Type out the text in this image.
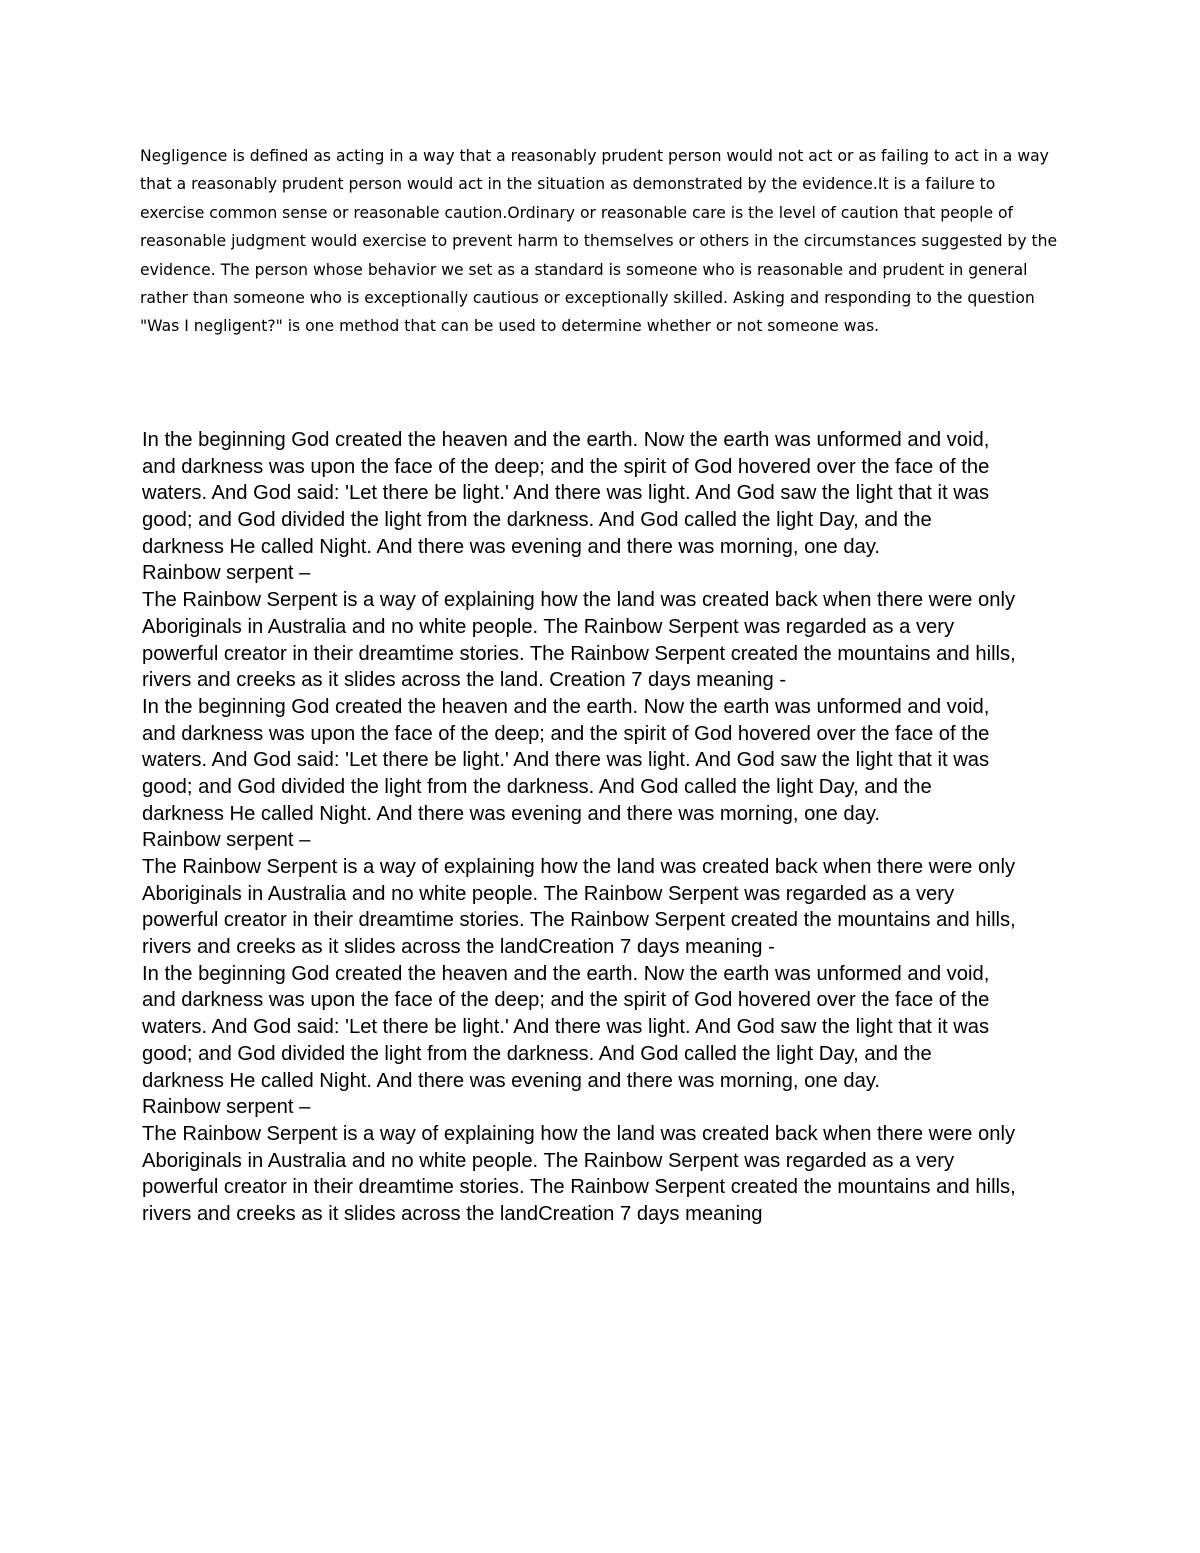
Negligence is defined as acting in a way that a reasonably prudent person would not act or as failing to act in a way that a reasonably prudent person would act in the situation as demonstrated by the evidence.It is a failure to exercise common sense or reasonable caution.Ordinary or reasonable care is the level of caution that people of reasonable judgment would exercise to prevent harm to themselves or others in the circumstances suggested by the evidence. The person whose behavior we set as a standard is someone who is reasonable and prudent in general rather than someone who is exceptionally cautious or exceptionally skilled. Asking and responding to the question "Was I negligent?" is one method that can be used to determine whether or not someone was.

In the beginning God created the heaven and the earth. Now the earth was unformed and void,
and darkness was upon the face of the deep; and the spirit of God hovered over the face of the
waters. And God said: 'Let there be light.' And there was light. And God saw the light that it was
good; and God divided the light from the darkness. And God called the light Day, and the
darkness He called Night. And there was evening and there was morning, one day.
Rainbow serpent –
The Rainbow Serpent is a way of explaining how the land was created back when there were only
Aboriginals in Australia and no white people. The Rainbow Serpent was regarded as a very
powerful creator in their dreamtime stories. The Rainbow Serpent created the mountains and hills,
rivers and creeks as it slides across the land. Creation 7 days meaning -
In the beginning God created the heaven and the earth. Now the earth was unformed and void,
and darkness was upon the face of the deep; and the spirit of God hovered over the face of the
waters. And God said: 'Let there be light.' And there was light. And God saw the light that it was
good; and God divided the light from the darkness. And God called the light Day, and the
darkness He called Night. And there was evening and there was morning, one day.
Rainbow serpent –
The Rainbow Serpent is a way of explaining how the land was created back when there were only
Aboriginals in Australia and no white people. The Rainbow Serpent was regarded as a very
powerful creator in their dreamtime stories. The Rainbow Serpent created the mountains and hills,
rivers and creeks as it slides across the landCreation 7 days meaning -
In the beginning God created the heaven and the earth. Now the earth was unformed and void,
and darkness was upon the face of the deep; and the spirit of God hovered over the face of the
waters. And God said: 'Let there be light.' And there was light. And God saw the light that it was
good; and God divided the light from the darkness. And God called the light Day, and the
darkness He called Night. And there was evening and there was morning, one day.
Rainbow serpent –
The Rainbow Serpent is a way of explaining how the land was created back when there were only
Aboriginals in Australia and no white people. The Rainbow Serpent was regarded as a very
powerful creator in their dreamtime stories. The Rainbow Serpent created the mountains and hills,
rivers and creeks as it slides across the landCreation 7 days meaning
